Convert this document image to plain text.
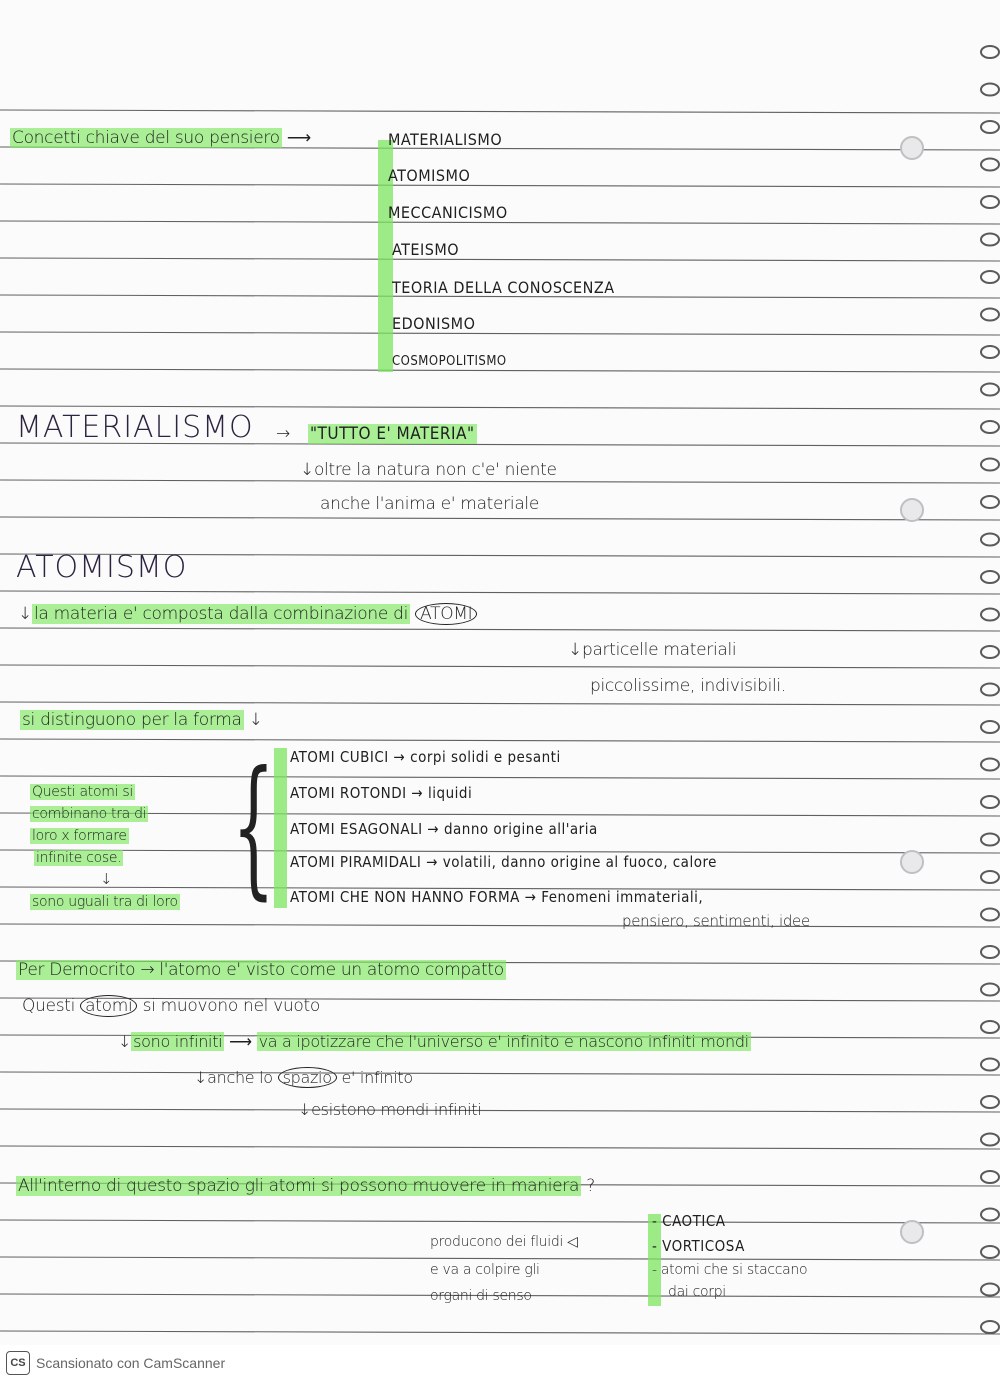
Concetti chiave del suo pensiero ⟶	MATERIALISMO
ATOMISMO
MECCANICISMO
ATEISMO
TEORIA DELLA CONOSCENZA
EDONISMO
COSMOPOLITISMO
MATERIALISMO → "TUTTO E' MATERIA"
↓oltre la natura non c'e' niente
anche l'anima e' materiale
ATOMISMO
↓ la materia e' composta dalla combinazione di ATOMI
↓particelle materiali
piccolissime, indivisibili.
si distinguono per la forma ↓
ATOMI CUBICI → corpi solidi e pesanti
ATOMI ROTONDI → liquidi
ATOMI ESAGONALI → danno origine all'aria
ATOMI PIRAMIDALI → volatili, danno origine al fuoco, calore
ATOMI CHE NON HANNO FORMA → Fenomeni immateriali,
pensiero, sentimenti, idee
{
Questi atomi si
combinano tra di
loro x formare
infinite cose.
↓
sono uguali tra di loro
Per Democrito → l'atomo e' visto come un atomo compatto
Questi atomi si muovono nel vuoto
↓ sono infiniti ⟶ va a ipotizzare che l'universo e' infinito e nascono infiniti mondi
↓anche lo spazio e' infinito
↓esistono mondi infiniti
All'interno di questo spazio gli atomi si possono muovere in maniera ?
- CAOTICA
- VORTICOSA
- atomi che si staccano
dai corpi
producono dei fluidi ◁
e va a colpire gli
organi di senso
CS Scansionato con CamScanner
